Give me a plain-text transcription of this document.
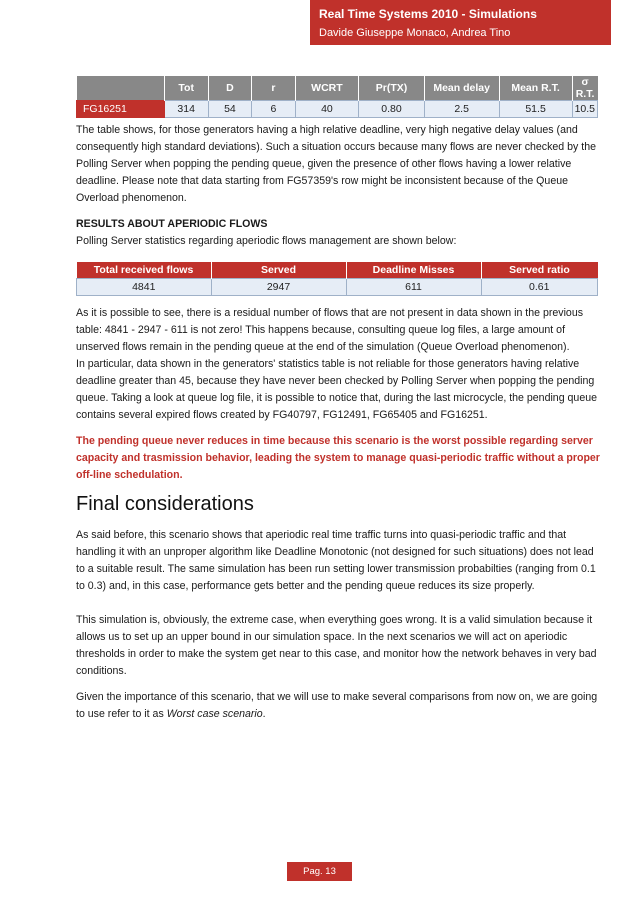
Real Time Systems 2010 - Simulations
Davide Giuseppe Monaco, Andrea Tino
	Tot	D	r	WCRT	Pr(TX)	Mean delay	Mean R.T.	σ R.T.
FG16251	314	54	6	40	0.80	2.5	51.5	10.5

The table shows, for those generators having a high relative deadline, very high negative delay values (and consequently high standard deviations). Such a situation occurs because many flows are never checked by the Polling Server when popping the pending queue, given the presence of other flows having a lower relative deadline. Please note that data starting from FG57359's row might be inconsistent because of the Queue Overload phenomenon.

RESULTS ABOUT APERIODIC FLOWS

Polling Server statistics regarding aperiodic flows management are shown below:

Total received flows	Served	Deadline Misses	Served ratio
4841	2947	611	0.61

As it is possible to see, there is a residual number of flows that are not present in data shown in the previous table: 4841 - 2947 - 611 is not zero! This happens because, consulting queue log files, a large amount of unserved flows remain in the pending queue at the end of the simulation (Queue Overload phenomenon).

In particular, data shown in the generators' statistics table is not reliable for those generators having relative deadline greater than 45, because they have never been checked by Polling Server when popping the pending queue. Taking a look at queue log file, it is possible to notice that, during the last microcycle, the pending queue contains several expired flows created by FG40797, FG12491, FG65405 and FG16251.

The pending queue never reduces in time because this scenario is the worst possible regarding server capacity and trasmission behavior, leading the system to manage quasi-periodic traffic without a proper off-line schedulation.

Final considerations

As said before, this scenario shows that aperiodic real time traffic turns into quasi-periodic traffic and that handling it with an unproper algorithm like Deadline Monotonic (not designed for such situations) does not lead to a suitable result. The same simulation has been run setting lower transmission probabilties (ranging from 0.1 to 0.3) and, in this case, performance gets better and the pending queue reduces its size properly.

This simulation is, obviously, the extreme case, when everything goes wrong. It is a valid simulation because it allows us to set up an upper bound in our simulation space. In the next scenarios we will act on aperiodic thresholds in order to make the system get near to this case, and monitor how the network behaves in very bad conditions.

Given the importance of this scenario, that we will use to make several comparisons from now on, we are going to use refer to it as Worst case scenario.

Pag. 13
